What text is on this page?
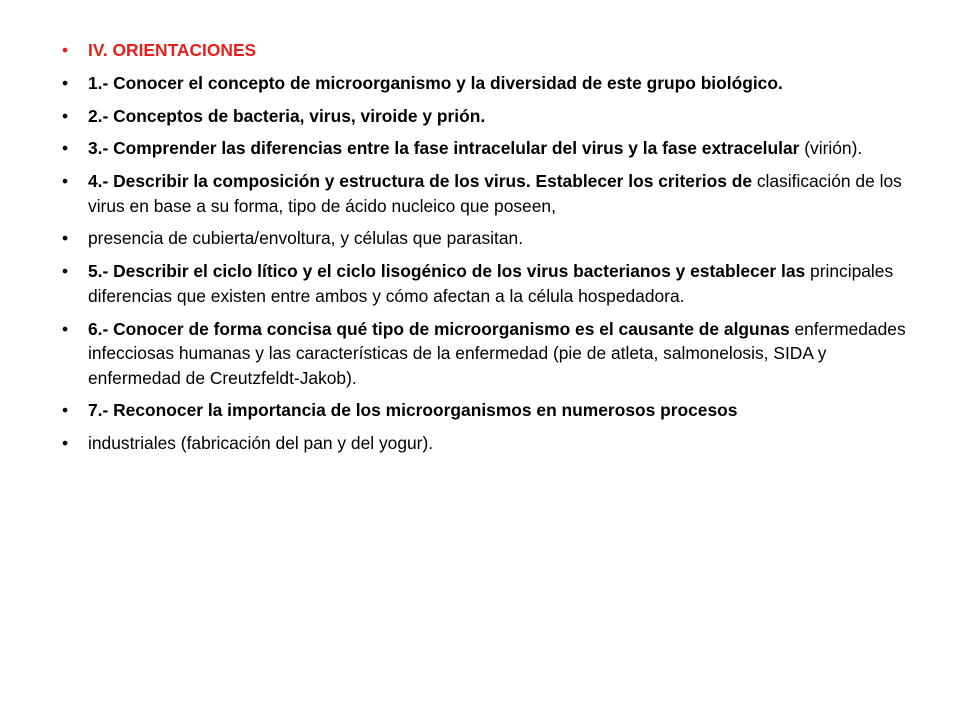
• IV. ORIENTACIONES
• 1.- Conocer el concepto de microorganismo y la diversidad de este grupo biológico.
• 2.- Conceptos de bacteria, virus, viroide y prión.
• 3.- Comprender las diferencias entre la fase intracelular del virus y la fase extracelular (virión).
• 4.- Describir la composición y estructura de los virus. Establecer los criterios de clasificación de los virus en base a su forma, tipo de ácido nucleico que poseen,
• presencia de cubierta/envoltura, y células que parasitan.
• 5.- Describir el ciclo lítico y el ciclo lisogénico de los virus bacterianos y establecer las principales diferencias que existen entre ambos y cómo afectan a la célula hospedadora.
• 6.- Conocer de forma concisa qué tipo de microorganismo es el causante de algunas enfermedades infecciosas humanas y las características de la enfermedad (pie de atleta, salmonelosis, SIDA y enfermedad de Creutzfeldt-Jakob).
• 7.- Reconocer la importancia de los microorganismos en numerosos procesos
• industriales (fabricación del pan y del yogur).
